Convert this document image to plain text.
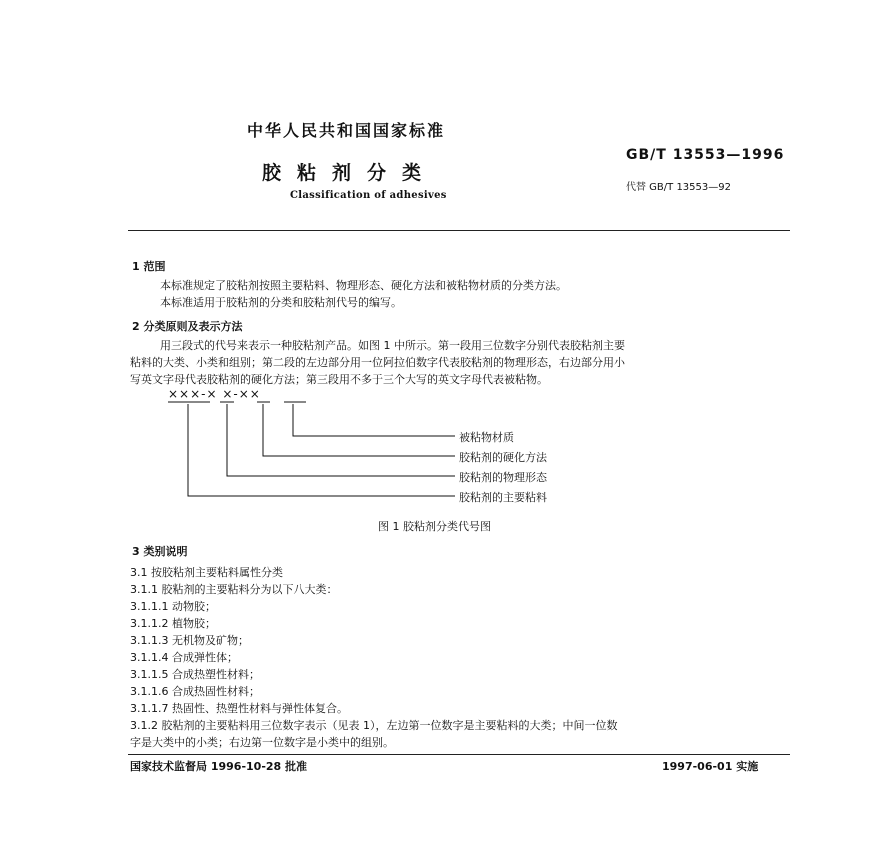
中华人民共和国国家标准
胶粘剂分类
Classification of adhesives
GB/T 13553—1996
代替 GB/T 13553—92
1 范围
本标准规定了胶粘剂按照主要粘料、物理形态、硬化方法和被粘物材质的分类方法。
本标准适用于胶粘剂的分类和胶粘剂代号的编写。
2 分类原则及表示方法
用三段式的代号来表示一种胶粘剂产品。如图 1 中所示。第一段用三位数字分别代表胶粘剂主要
粘料的大类、小类和组别；第二段的左边部分用一位阿拉伯数字代表胶粘剂的物理形态，右边部分用小
写英文字母代表胶粘剂的硬化方法；第三段用不多于三个大写的英文字母代表被粘物。
×××-× ×-××
被粘物材质
胶粘剂的硬化方法
胶粘剂的物理形态
胶粘剂的主要粘料
图 1 胶粘剂分类代号图
3 类别说明
3.1 按胶粘剂主要粘料属性分类
3.1.1 胶粘剂的主要粘料分为以下八大类：
3.1.1.1 动物胶；
3.1.1.2 植物胶；
3.1.1.3 无机物及矿物；
3.1.1.4 合成弹性体；
3.1.1.5 合成热塑性材料；
3.1.1.6 合成热固性材料；
3.1.1.7 热固性、热塑性材料与弹性体复合。
3.1.2 胶粘剂的主要粘料用三位数字表示（见表 1），左边第一位数字是主要粘料的大类；中间一位数
字是大类中的小类；右边第一位数字是小类中的组别。
国家技术监督局 1996-10-28 批准	1997-06-01 实施
